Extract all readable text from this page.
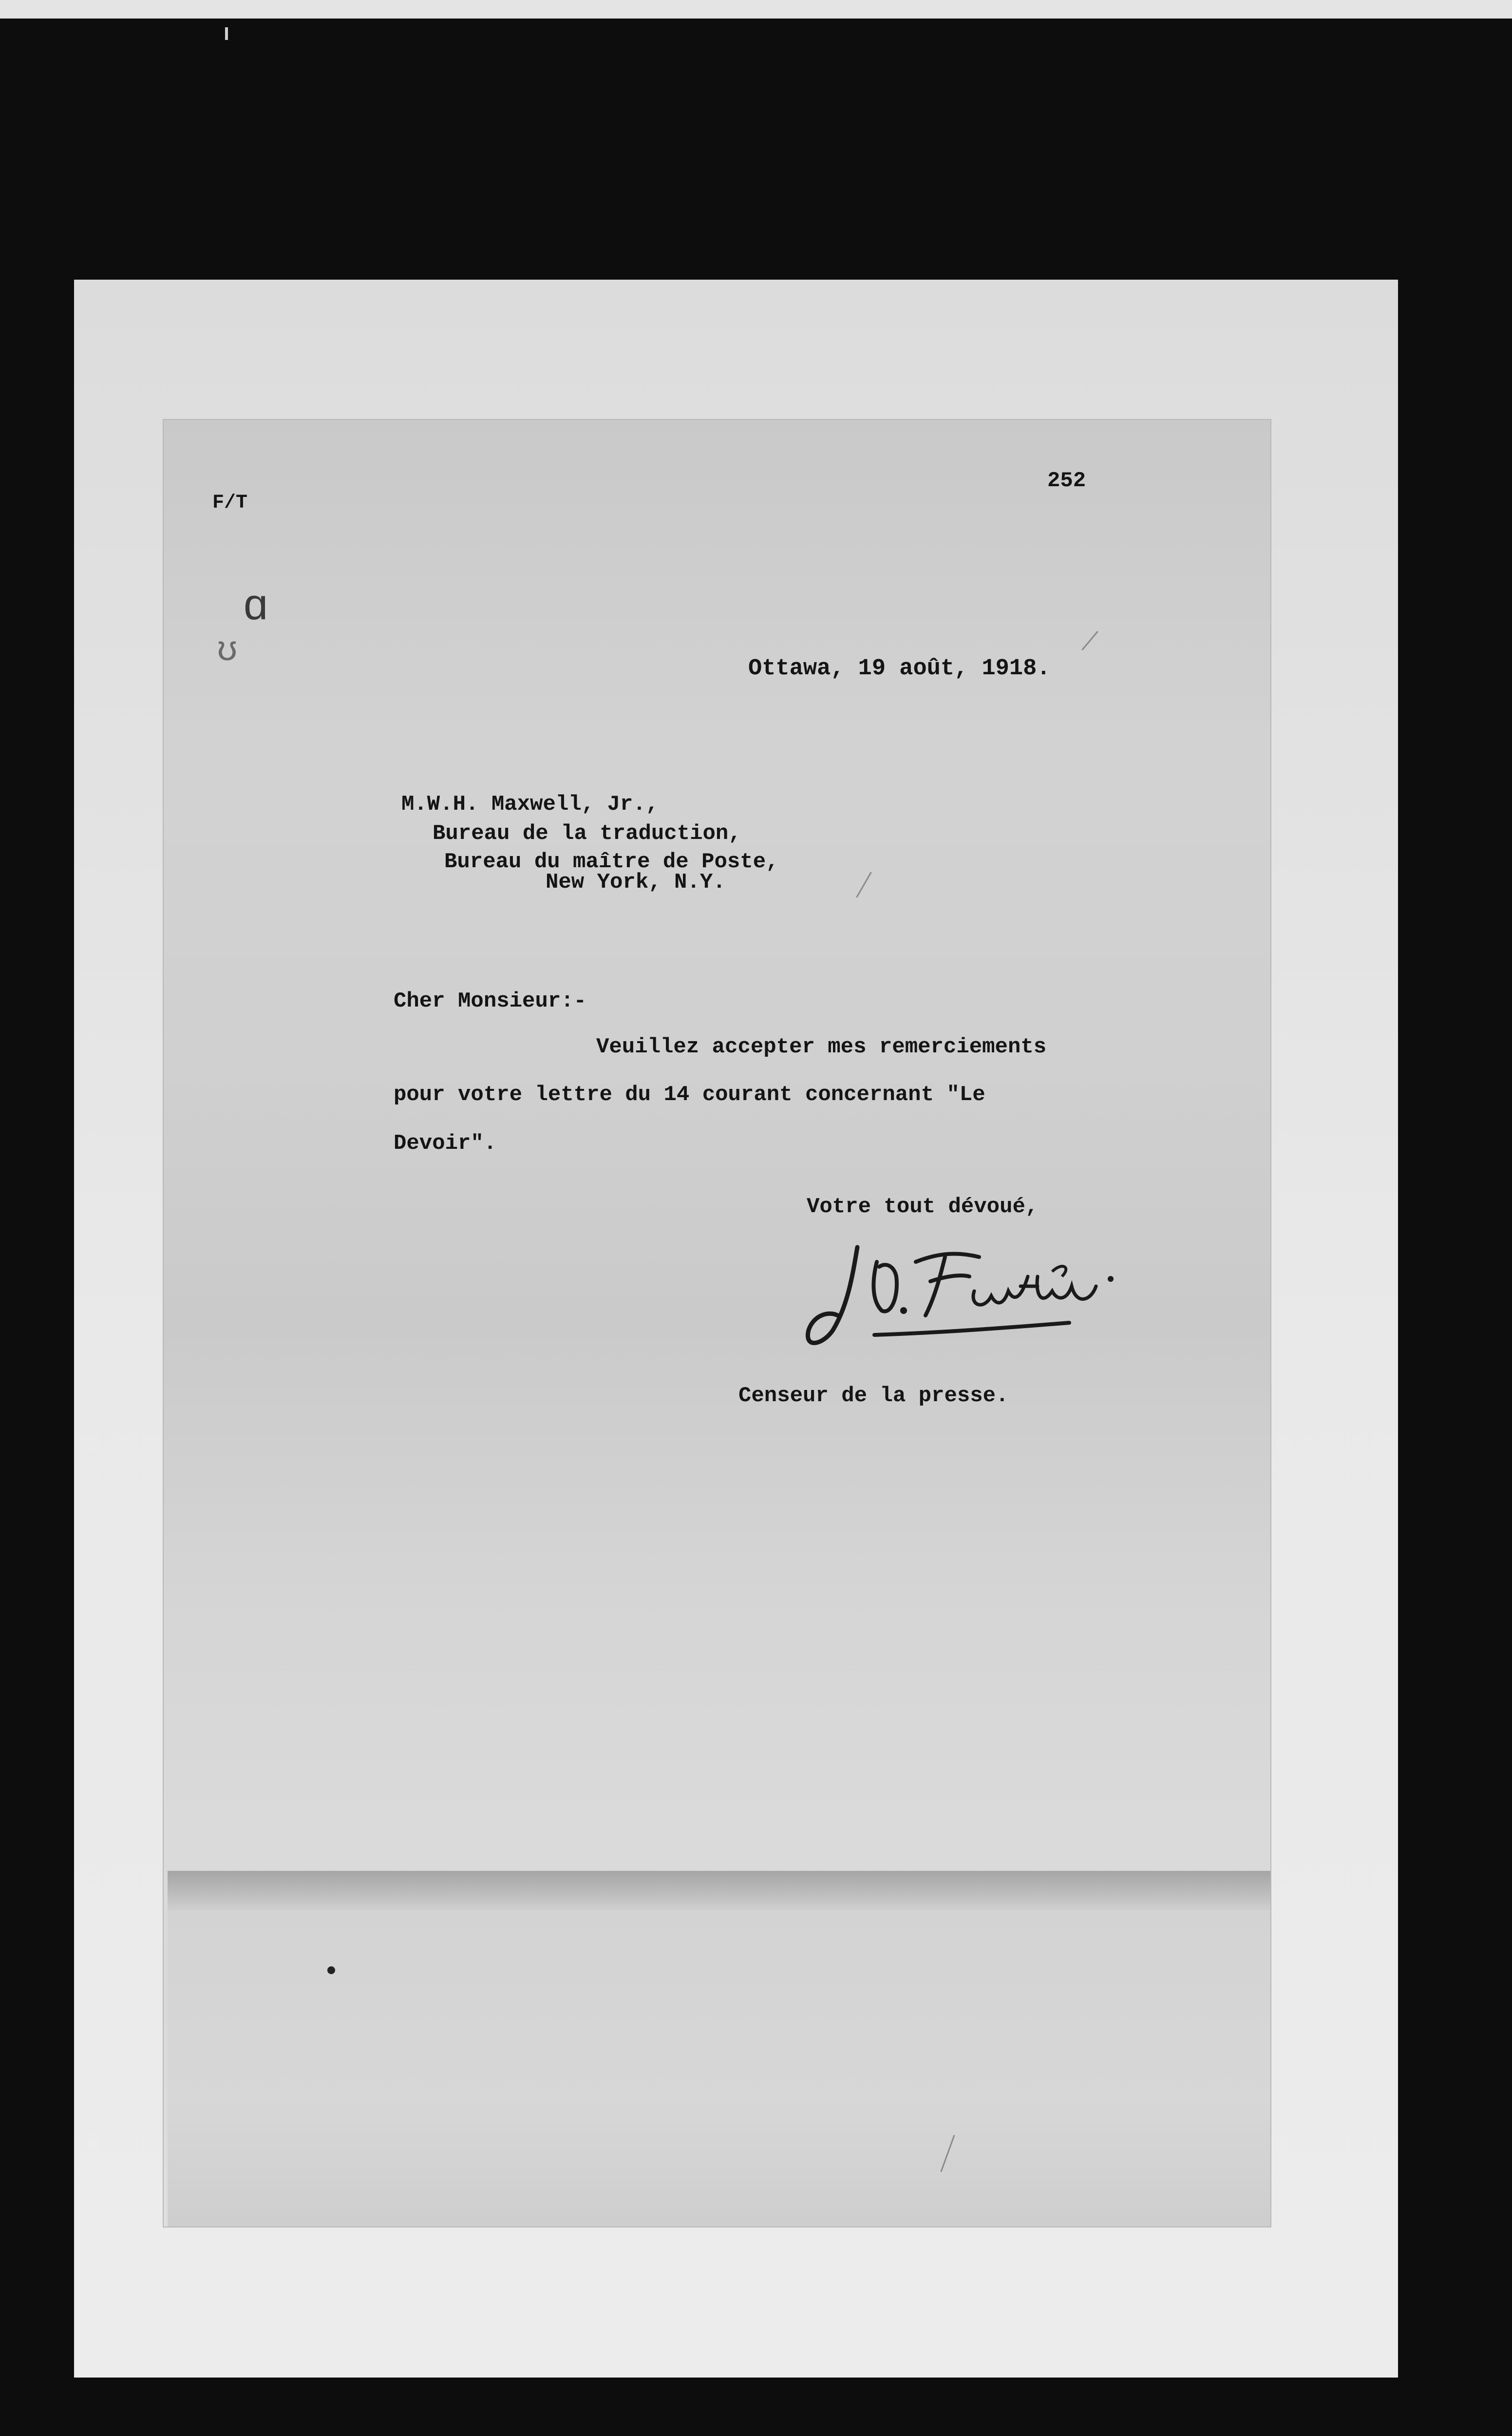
F/T
252
ɑ
ʊ
Ottawa, 19 août, 1918.
M.W.H. Maxwell, Jr.,
Bureau de la traduction,
Bureau du maître de Poste,
New York, N.Y.
Cher Monsieur:-
Veuillez accepter mes remerciements
pour votre lettre du 14 courant concernant "Le
Devoir".
Votre tout dévoué,
Censeur de la presse.
